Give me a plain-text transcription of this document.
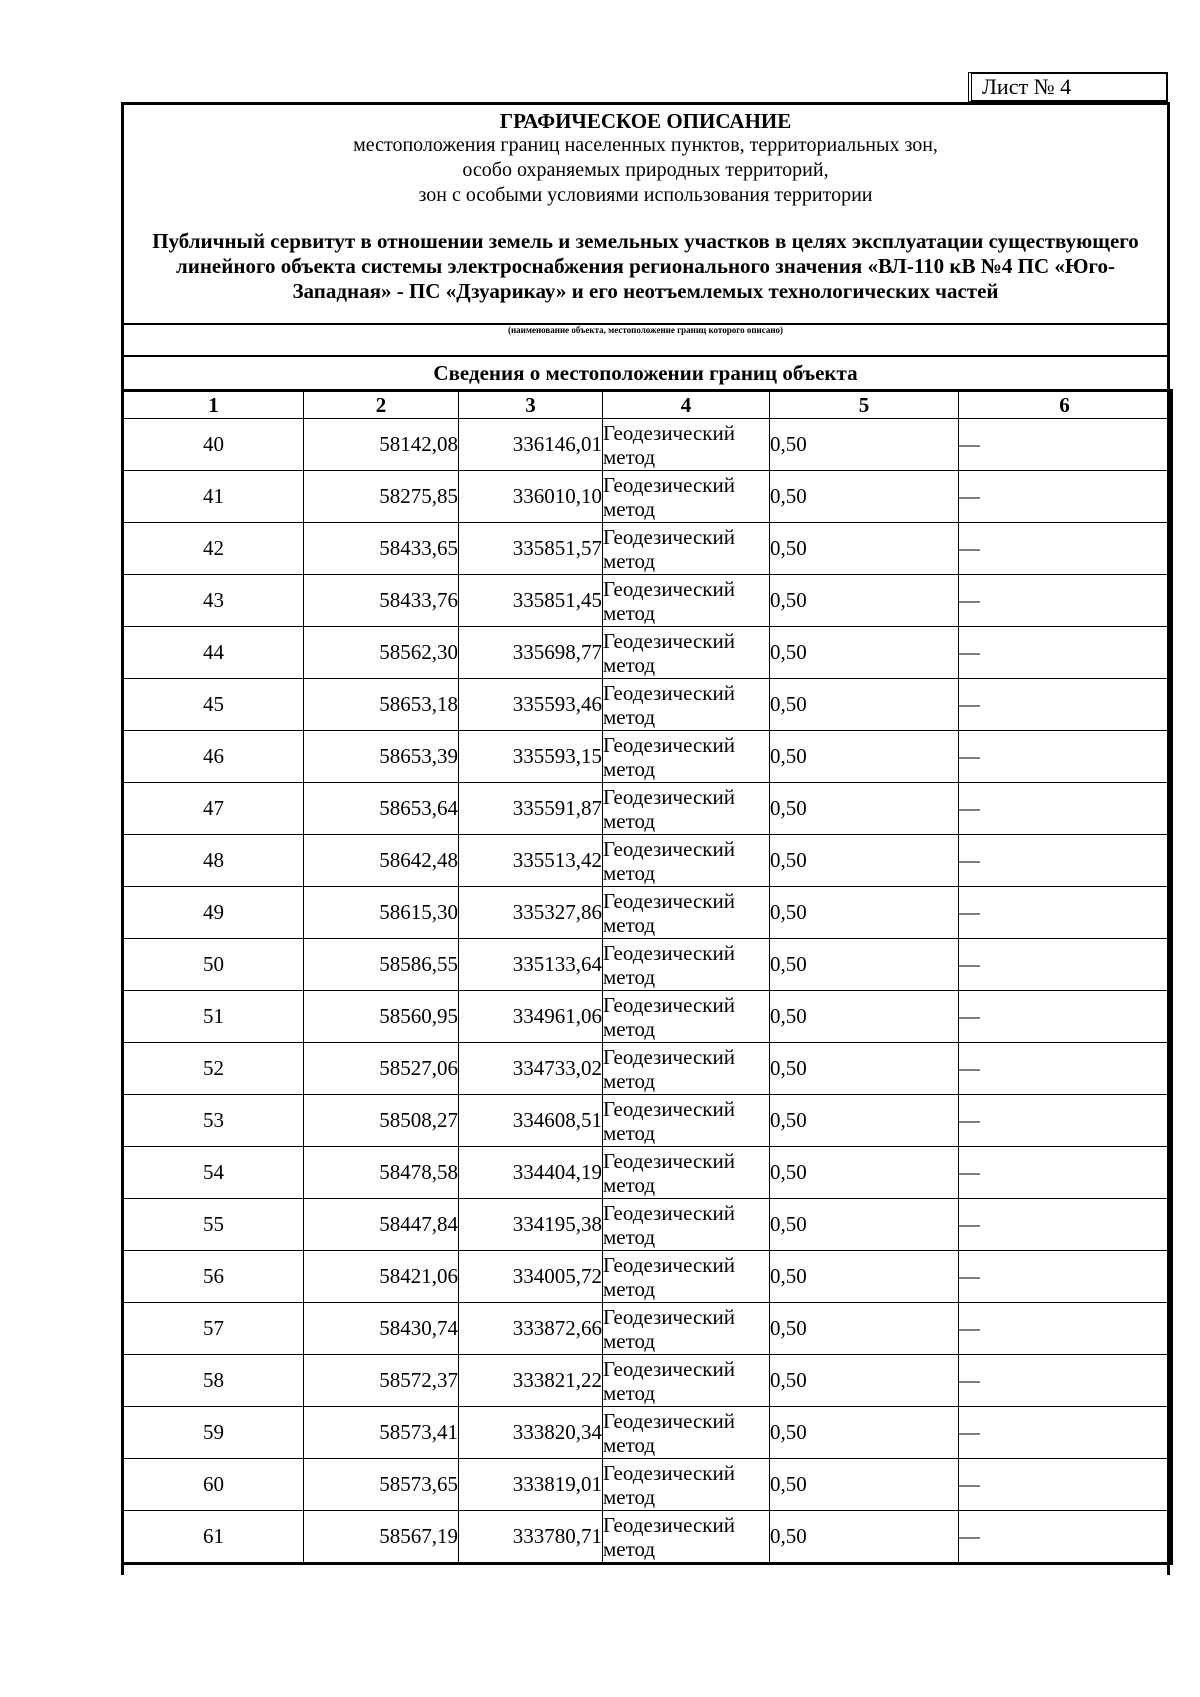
Лист № 4
ГРАФИЧЕСКОЕ ОПИСАНИЕ
местоположения границ населенных пунктов, территориальных зон,
особо охраняемых природных территорий,
зон с особыми условиями использования территории
Публичный сервитут в отношении земель и земельных участков в целях эксплуатации существующего линейного объекта системы электроснабжения регионального значения «ВЛ-110 кВ №4 ПС «Юго-Западная» - ПС «Дзуарикау» и его неотъемлемых технологических частей
(наименование объекта, местоположение границ которого описано)
Сведения о местоположении границ объекта
1	2	3	4	5	6
40	58142,08	336146,01	Геодезический метод	0,50	—
41	58275,85	336010,10	Геодезический метод	0,50	—
42	58433,65	335851,57	Геодезический метод	0,50	—
43	58433,76	335851,45	Геодезический метод	0,50	—
44	58562,30	335698,77	Геодезический метод	0,50	—
45	58653,18	335593,46	Геодезический метод	0,50	—
46	58653,39	335593,15	Геодезический метод	0,50	—
47	58653,64	335591,87	Геодезический метод	0,50	—
48	58642,48	335513,42	Геодезический метод	0,50	—
49	58615,30	335327,86	Геодезический метод	0,50	—
50	58586,55	335133,64	Геодезический метод	0,50	—
51	58560,95	334961,06	Геодезический метод	0,50	—
52	58527,06	334733,02	Геодезический метод	0,50	—
53	58508,27	334608,51	Геодезический метод	0,50	—
54	58478,58	334404,19	Геодезический метод	0,50	—
55	58447,84	334195,38	Геодезический метод	0,50	—
56	58421,06	334005,72	Геодезический метод	0,50	—
57	58430,74	333872,66	Геодезический метод	0,50	—
58	58572,37	333821,22	Геодезический метод	0,50	—
59	58573,41	333820,34	Геодезический метод	0,50	—
60	58573,65	333819,01	Геодезический метод	0,50	—
61	58567,19	333780,71	Геодезический метод	0,50	—
